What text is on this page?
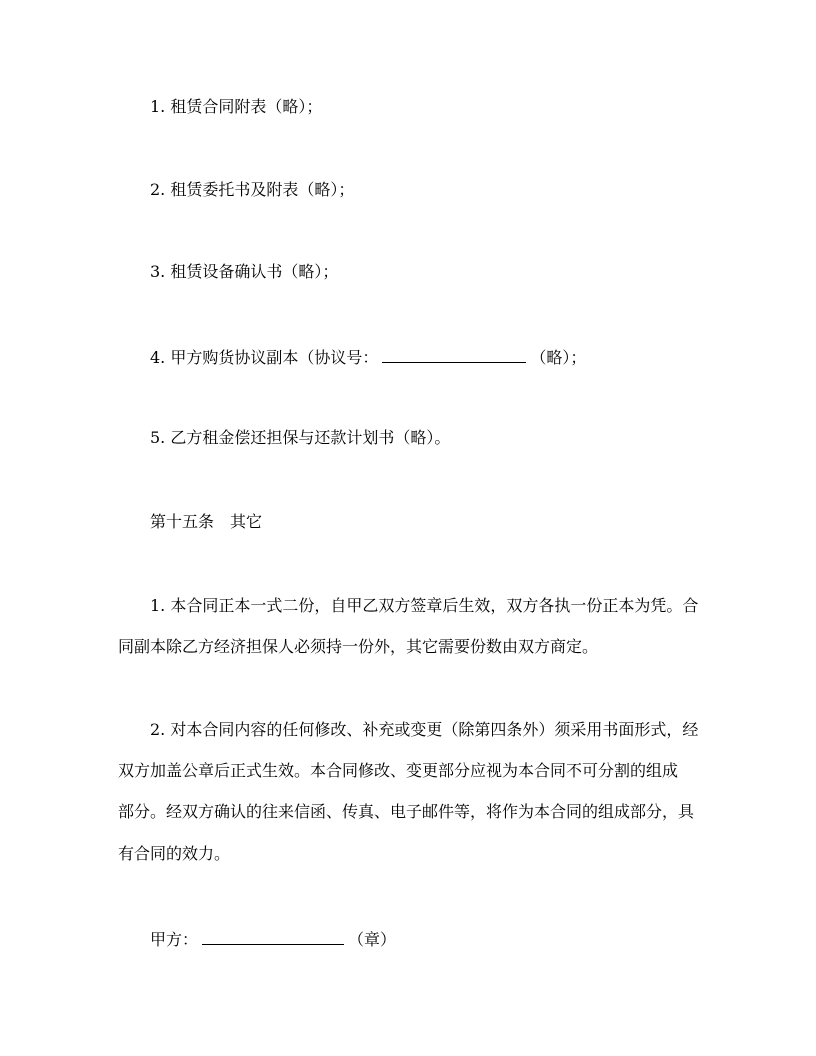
1. 租赁合同附表（略）；
2. 租赁委托书及附表（略）；
3. 租赁设备确认书（略）；
4. 甲方购货协议副本（协议号：	（略）；
5. 乙方租金偿还担保与还款计划书（略）。
第十五条　其它
1. 本合同正本一式二份，自甲乙双方签章后生效，双方各执一份正本为凭。合
同副本除乙方经济担保人必须持一份外，其它需要份数由双方商定。
2. 对本合同内容的任何修改、补充或变更（除第四条外）须采用书面形式，经
双方加盖公章后正式生效。本合同修改、变更部分应视为本合同不可分割的组成
部分。经双方确认的往来信函、传真、电子邮件等，将作为本合同的组成部分，具
有合同的效力。
甲方：	（章）
